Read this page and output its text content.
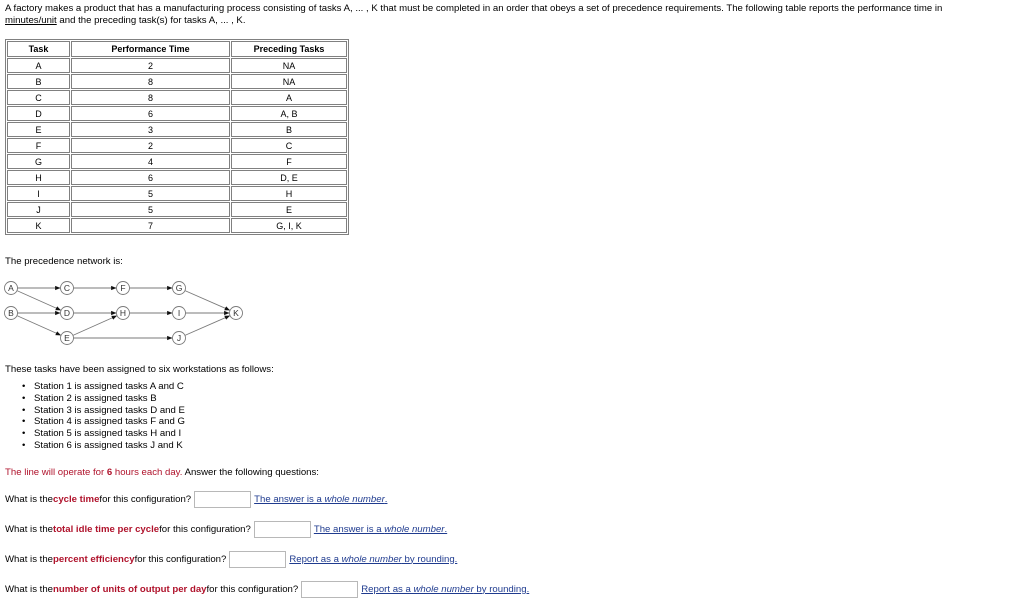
A factory makes a product that has a manufacturing process consisting of tasks A, ... , K that must be completed in an order that obeys a set of precedence requirements. The following table reports the performance time in
minutes/unit and the preceding task(s) for tasks A, ... , K.
Task	Performance Time	Preceding Tasks
A	2	NA
B	8	NA
C	8	A
D	6	A, B
E	3	B
F	2	C
G	4	F
H	6	D, E
I	5	H
J	5	E
K	7	G, I, K
The precedence network is:
A
B
C
D
E
F	G
H	I
J
K
These tasks have been assigned to six workstations as follows:
• Station 1 is assigned tasks A and C
• Station 2 is assigned tasks B
• Station 3 is assigned tasks D and E
• Station 4 is assigned tasks F and G
• Station 5 is assigned tasks H and I
• Station 6 is assigned tasks J and K
The line will operate for 6 hours each day. Answer the following questions:
What is the cycle time for this configuration?	The answer is a whole number.
What is the total idle time per cycle for this configuration?	The answer is a whole number.
What is the percent efficiency for this configuration?	Report as a whole number by rounding.
What is the number of units of output per day for this configuration?	Report as a whole number by rounding.
